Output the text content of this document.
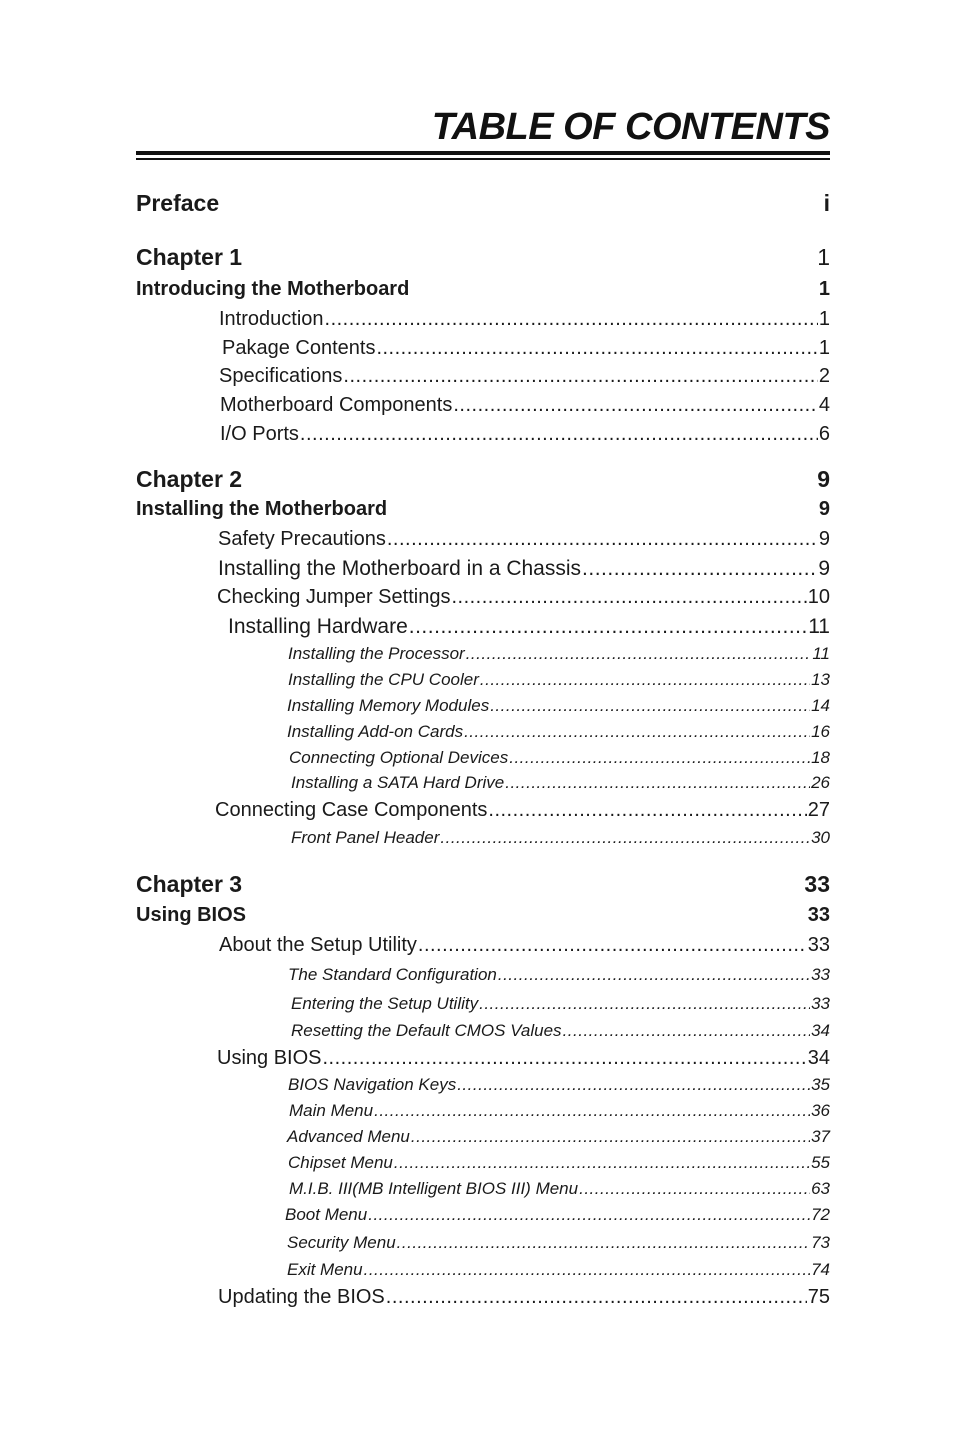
TABLE OF CONTENTS
Preface	i
Chapter 1	1
Introducing the Motherboard	1
Introduction .....	1
Pakage Contents .....	1
Specifications .....	2
Motherboard Components .....	4
I/O Ports .....	6
Chapter 2	9
Installing the Motherboard	9
Safety Precautions .....	9
Installing the Motherboard in a Chassis .....	9
Checking Jumper Settings .....	10
Installing Hardware .....	11
Installing the Processor .....	11
Installing the CPU Cooler .....	13
Installing Memory Modules .....	14
Installing Add-on Cards .....	16
Connecting Optional Devices .....	18
Installing a SATA Hard Drive .....	26
Connecting Case Components .....	27
Front Panel Header .....	30
Chapter 3	33
Using BIOS	33
About the Setup Utility .....	33
The Standard Configuration .....	33
Entering the Setup Utility .....	33
Resetting the Default CMOS Values .....	34
Using BIOS .....	34
BIOS Navigation Keys .....	35
Main Menu .....	36
Advanced Menu .....	37
Chipset Menu .....	55
M.I.B. III(MB Intelligent BIOS III) Menu .....	63
Boot Menu .....	72
Security Menu .....	73
Exit Menu .....	74
Updating the BIOS .....	75
